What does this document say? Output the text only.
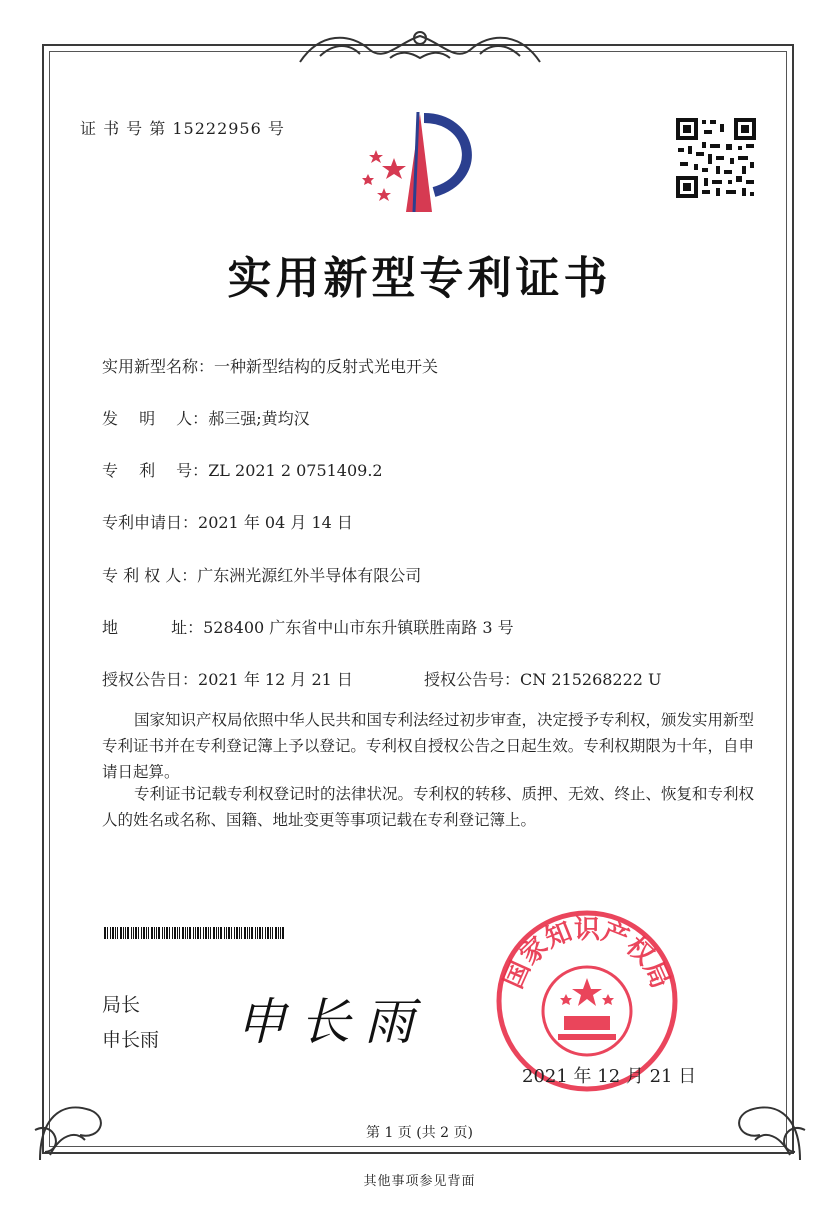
证 书 号 第 15222956 号
实用新型专利证书
实用新型名称：一种新型结构的反射式光电开关
发　 明　 人：郝三强;黄均汉
专　 利　 号：ZL 2021 2 0751409.2
专利申请日：2021 年 04 月 14 日
专 利 权 人：广东洲光源红外半导体有限公司
地　　　 址：528400 广东省中山市东升镇联胜南路 3 号
授权公告日：2021 年 12 月 21 日	授权公告号：CN 215268222 U
国家知识产权局依照中华人民共和国专利法经过初步审查，决定授予专利权，颁发实用新型专利证书并在专利登记簿上予以登记。专利权自授权公告之日起生效。专利权期限为十年，自申请日起算。
专利证书记载专利权登记时的法律状况。专利权的转移、质押、无效、终止、恢复和专利权人的姓名或名称、国籍、地址变更等事项记载在专利登记簿上。
局长
申长雨 申长雨
国家知识产权局
2021 年 12 月 21 日
第 1 页 (共 2 页)
其他事项参见背面
